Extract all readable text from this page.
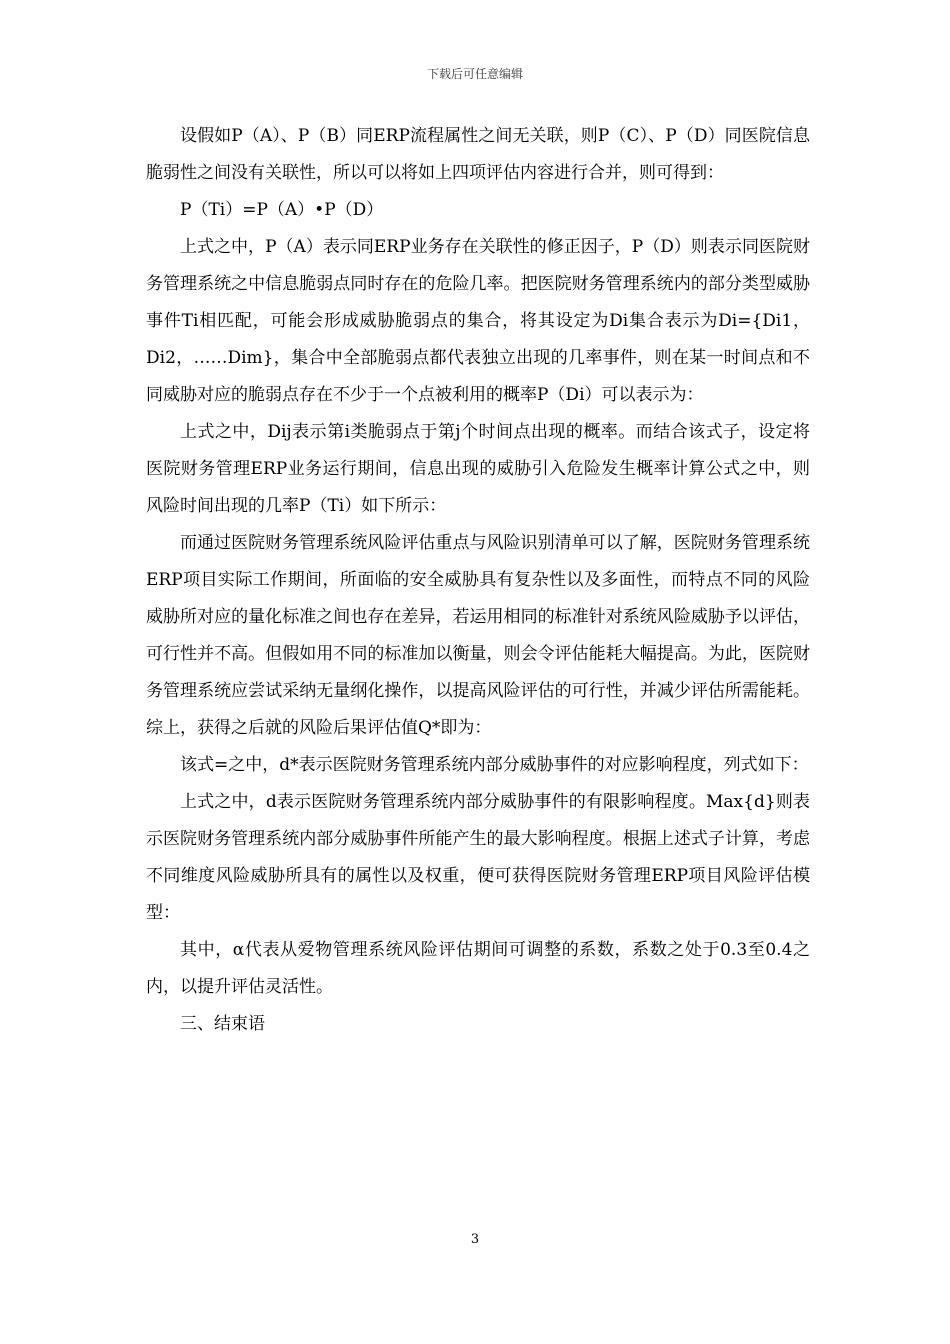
下载后可任意编辑

设假如P（A）、P（B）同ERP流程属性之间无关联，则P（C）、P（D）同医院信息脆弱性之间没有关联性，所以可以将如上四项评估内容进行合并，则可得到：

P（Ti）=P（A）•P（D）

上式之中，P（A）表示同ERP业务存在关联性的修正因子，P（D）则表示同医院财务管理系统之中信息脆弱点同时存在的危险几率。把医院财务管理系统内的部分类型威胁事件Ti相匹配，可能会形成威胁脆弱点的集合，将其设定为Di集合表示为Di={Di1，Di2，……Dim}，集合中全部脆弱点都代表独立出现的几率事件，则在某一时间点和不同威胁对应的脆弱点存在不少于一个点被利用的概率P（Di）可以表示为：

上式之中，Dij表示第i类脆弱点于第j个时间点出现的概率。而结合该式子，设定将医院财务管理ERP业务运行期间，信息出现的威胁引入危险发生概率计算公式之中，则风险时间出现的几率P（Ti）如下所示：

而通过医院财务管理系统风险评估重点与风险识别清单可以了解，医院财务管理系统ERP项目实际工作期间，所面临的安全威胁具有复杂性以及多面性，而特点不同的风险威胁所对应的量化标准之间也存在差异，若运用相同的标准针对系统风险威胁予以评估，可行性并不高。但假如用不同的标准加以衡量，则会令评估能耗大幅提高。为此，医院财务管理系统应尝试采纳无量纲化操作，以提高风险评估的可行性，并减少评估所需能耗。综上，获得之后就的风险后果评估值Q*即为：

该式=之中，d*表示医院财务管理系统内部分威胁事件的对应影响程度，列式如下：

上式之中，d表示医院财务管理系统内部分威胁事件的有限影响程度。Max{d}则表示医院财务管理系统内部分威胁事件所能产生的最大影响程度。根据上述式子计算，考虑不同维度风险威胁所具有的属性以及权重，便可获得医院财务管理ERP项目风险评估模型：

其中，α代表从爱物管理系统风险评估期间可调整的系数，系数之处于0.3至0.4之内，以提升评估灵活性。

三、结束语

3
